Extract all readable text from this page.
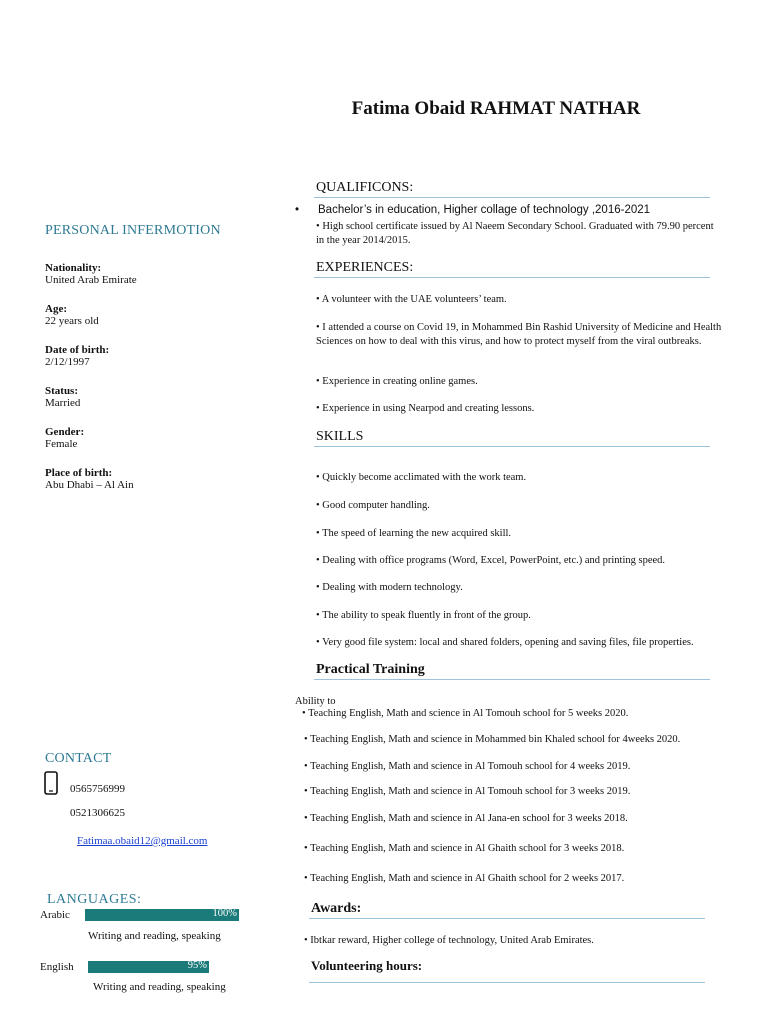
Fatima Obaid RAHMAT NATHAR
PERSONAL INFERMOTION
Nationality:
United Arab Emirate
Age:
22 years old
Date of birth:
2/12/1997
Status:
Married
Gender:
Female
Place of birth:
Abu Dhabi – Al Ain
CONTACT
0565756999
0521306625
Fatimaa.obaid12@gmail.com
LANGUAGES:
Arabic	100%
Writing and reading, speaking
English	95%
Writing and reading, speaking
QUALIFICONS:
• Bachelor’s in education, Higher collage of technology ,2016-2021
• High school certificate issued by Al Naeem Secondary School. Graduated with 79.90 percent in the year 2014/2015.
EXPERIENCES:
• A volunteer with the UAE volunteers’ team.
• I attended a course on Covid 19, in Mohammed Bin Rashid University of Medicine and Health Sciences on how to deal with this virus, and how to protect myself from the viral outbreaks.
• Experience in creating online games.
• Experience in using Nearpod and creating lessons.
SKILLS
• Quickly become acclimated with the work team.
• Good computer handling.
• The speed of learning the new acquired skill.
• Dealing with office programs (Word, Excel, PowerPoint, etc.) and printing speed.
• Dealing with modern technology.
• The ability to speak fluently in front of the group.
• Very good file system: local and shared folders, opening and saving files, file properties.
Practical Training
Ability to
• Teaching English, Math and science in Al Tomouh school for 5 weeks 2020.
• Teaching English, Math and science in Mohammed bin Khaled school for 4weeks 2020.
• Teaching English, Math and science in Al Tomouh school for 4 weeks 2019.
• Teaching English, Math and science in Al Tomouh school for 3 weeks 2019.
• Teaching English, Math and science in Al Jana-en school for 3 weeks 2018.
• Teaching English, Math and science in Al Ghaith school for 3 weeks 2018.
• Teaching English, Math and science in Al Ghaith school for 2 weeks 2017.
Awards:
• Ibtkar reward, Higher college of technology, United Arab Emirates.
Volunteering hours:
